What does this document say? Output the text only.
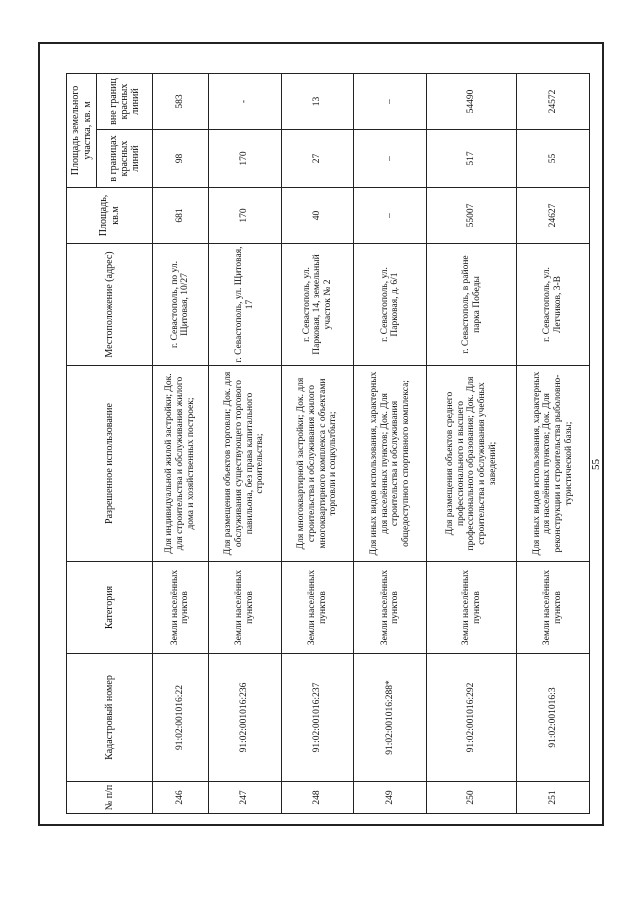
55
№ п/п	Кадастровый номер	Категория	Разрешенное использование	Местоположение (адрес)	Площадь, кв.м	Площадь земельного участка, кв. м	
						в границах красных линий	вне границ красных линий
246	91:02:001016:22	Земли населённых пунктов	Для индивидуальной жилой застройки; Док. для строительства и обслуживания жилого дома и хозяйственных построек;	г. Севастополь, по ул. Щитовая, 10/27	681	98	583
247	91:02:001016:236	Земли населённых пунктов	Для размещения объектов торговли; Док. для обслуживания существующего торгового павильона, без права капитального строительства;	г. Севастополь, ул. Щитовая, 17	170	170	-
248	91:02:001016:237	Земли населённых пунктов	Для многоквартирной застройки; Док. для строительства и обслуживания жилого многоквартирного комплекса с объектами торговли и соцкультбыта;	г. Севастополь, ул. Парковая, 14, земельный участок № 2	40	27	13
249	91:02:001016:288*	Земли населённых пунктов	Для иных видов использования, характерных для населённых пунктов; Док. Для строительства и обслуживания общедоступного спортивного комплекса;	г. Севастополь, ул. Парковая, д. 6/1	–	–	–
250	91:02:001016:292	Земли населённых пунктов	Для размещения объектов среднего профессионального и высшего профессионального образования; Док. Для строительства и обслуживания учебных заведений;	г. Севастополь, в районе парка Победы	55007	517	54490
251	91:02:001016:3	Земли населённых пунктов	Для иных видов использования, характерных для населённых пунктов; Док. Для реконструкции и строительства рыболовно-туристической базы;	г. Севастополь, ул. Летчиков, 3-В	24627	55	24572
